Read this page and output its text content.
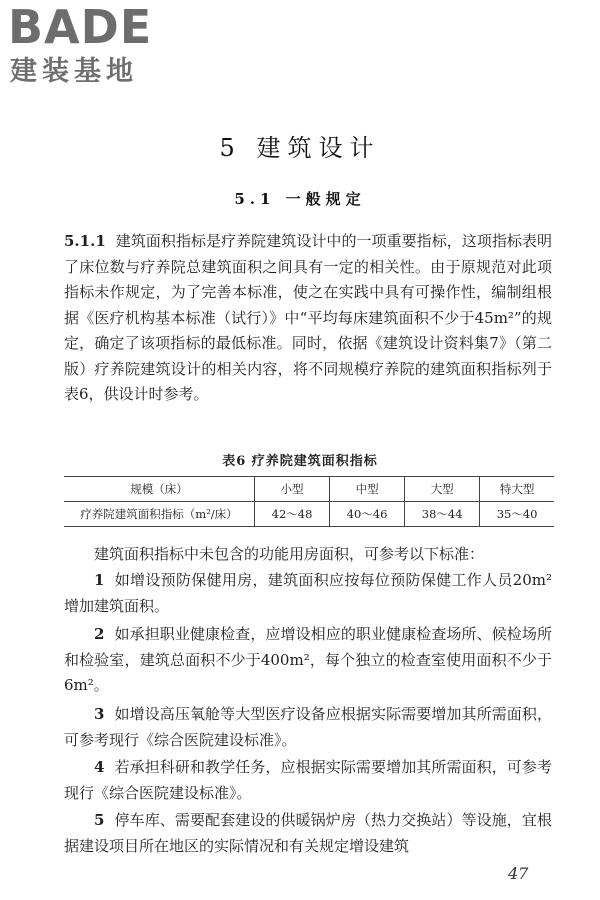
BADE
建装基地
5 建筑设计
5.1 一般规定

5.1.1 建筑面积指标是疗养院建筑设计中的一项重要指标，这项指标表明了床位数与疗养院总建筑面积之间具有一定的相关性。由于原规范对此项指标未作规定，为了完善本标准，使之在实践中具有可操作性，编制组根据《医疗机构基本标准（试行）》中“平均每床建筑面积不少于45m²”的规定，确定了该项指标的最低标准。同时，依据《建筑设计资料集7》（第二版）疗养院建筑设计的相关内容，将不同规模疗养院的建筑面积指标列于表6，供设计时参考。

表6 疗养院建筑面积指标

规模（床）	小型	中型	大型	特大型
疗养院建筑面积指标（m²/床）	42～48	40～46	38～44	35～40

建筑面积指标中未包含的功能用房面积，可参考以下标准：

1 如增设预防保健用房，建筑面积应按每位预防保健工作人员20m²增加建筑面积。

2 如承担职业健康检查，应增设相应的职业健康检查场所、候检场所和检验室，建筑总面积不少于400m²，每个独立的检查室使用面积不少于6m²。

3 如增设高压氧舱等大型医疗设备应根据实际需要增加其所需面积，可参考现行《综合医院建设标准》。

4 若承担科研和教学任务，应根据实际需要增加其所需面积，可参考现行《综合医院建设标准》。

5 停车库、需要配套建设的供暖锅炉房（热力交换站）等设施，宜根据建设项目所在地区的实际情况和有关规定增设建筑

47
